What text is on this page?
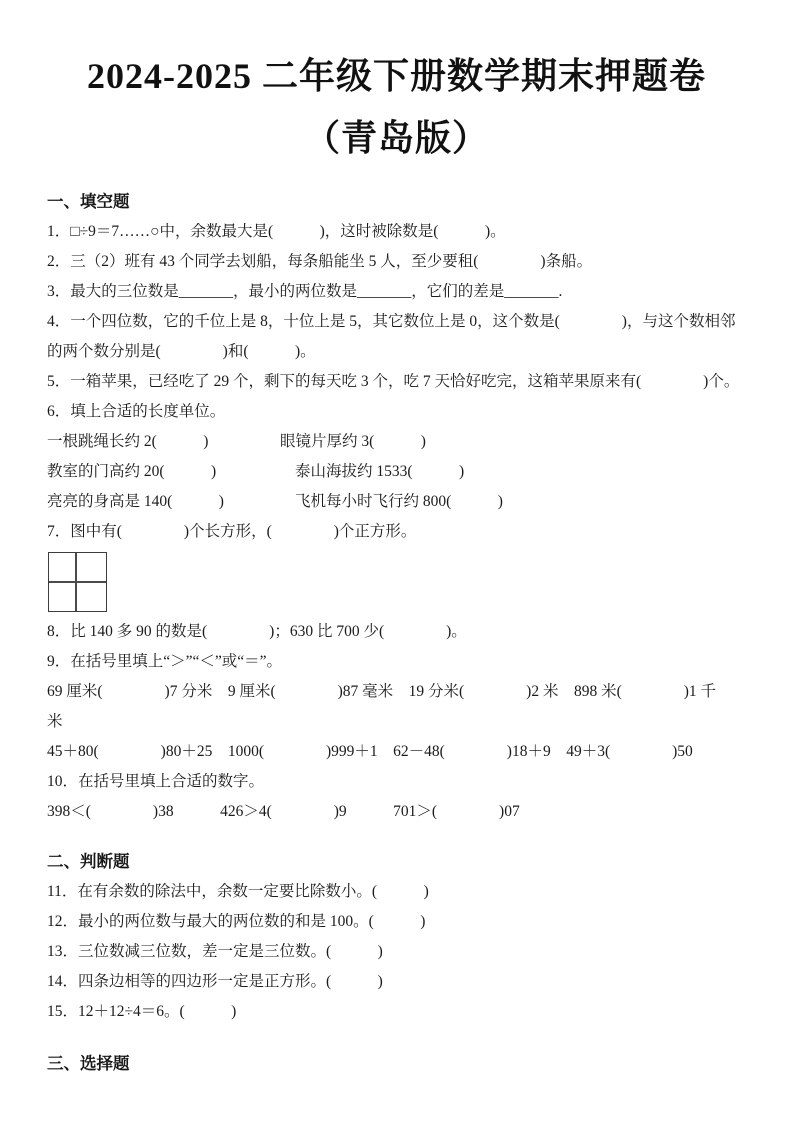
2024-2025 二年级下册数学期末押题卷
（青岛版）
一、填空题
1．□÷9＝7……○中，余数最大是(　　　)，这时被除数是(　　　)。
2．三（2）班有 43 个同学去划船，每条船能坐 5 人，至少要租(　　　　)条船。
3．最大的三位数是_______，最小的两位数是_______，它们的差是_______.
4．一个四位数，它的千位上是 8，十位上是 5，其它数位上是 0，这个数是(　　　　)，与这个数相邻的两个数分别是(　　　　)和(　　　)。
5．一箱苹果，已经吃了 29 个，剩下的每天吃 3 个，吃 7 天恰好吃完，这箱苹果原来有(　　　　)个。
6．填上合适的长度单位。
一根跳绳长约 2(　　　)	眼镜片厚约 3(　　　)
教室的门高约 20(　　　)	泰山海拔约 1533(　　　)
亮亮的身高是 140(　　　)	飞机每小时飞行约 800(　　　)
7．图中有(　　　　)个长方形，(　　　　)个正方形。
8．比 140 多 90 的数是(　　　　)；630 比 700 少(　　　　)。
9．在括号里填上“＞”“＜”或“＝”。
69 厘米(　　　　)7 分米　9 厘米(　　　　)87 毫米　19 分米(　　　　)2 米　898 米(　　　　)1 千
米
45＋80(　　　　)80＋25　1000(　　　　)999＋1　62－48(　　　　)18＋9　49＋3(　　　　)50
10．在括号里填上合适的数字。
398＜(　　　　)38　　　426＞4(　　　　)9　　　701＞(　　　　)07
二、判断题
11．在有余数的除法中，余数一定要比除数小。(　　　)
12．最小的两位数与最大的两位数的和是 100。(　　　)
13．三位数减三位数，差一定是三位数。(　　　)
14．四条边相等的四边形一定是正方形。(　　　)
15．12＋12÷4＝6。(　　　)
三、选择题
